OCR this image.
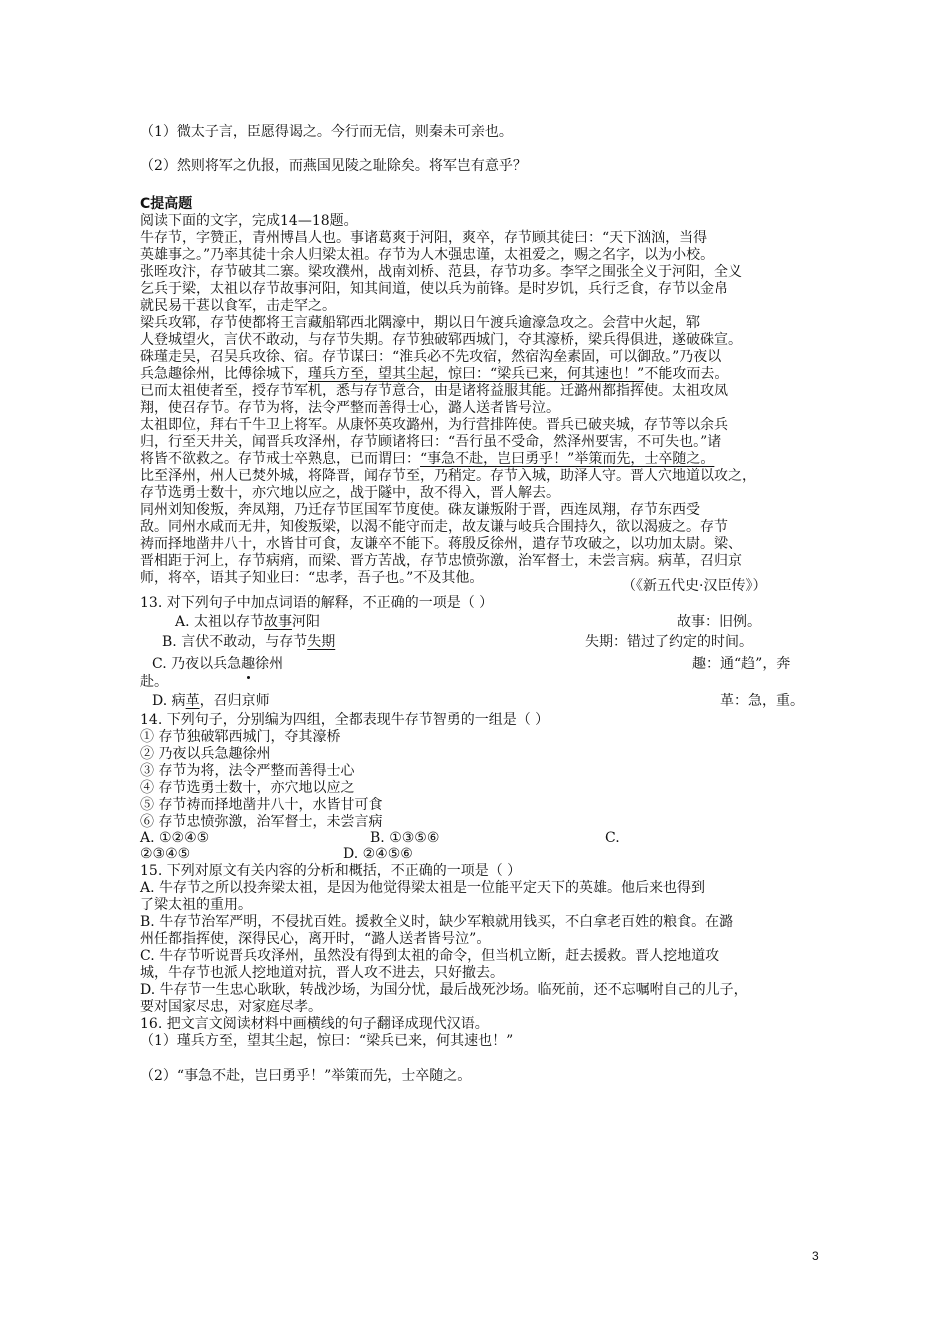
（1）微太子言，臣愿得谒之。今行而无信，则秦未可亲也。
（2）然则将军之仇报，而燕国见陵之耻除矣。将军岂有意乎？
C提高题
阅读下面的文字，完成14—18题。
牛存节，字赞正，青州博昌人也。事诸葛爽于河阳，爽卒，存节顾其徒曰：“天下汹汹，当得
英雄事之。”乃率其徒十余人归梁太祖。存节为人木强忠谨，太祖爱之，赐之名字，以为小校。
张晊攻汴，存节破其二寨。梁攻濮州，战南刘桥、范县，存节功多。李罕之围张全义于河阳，全义
乞兵于梁，太祖以存节故事河阳，知其间道，使以兵为前锋。是时岁饥，兵行乏食，存节以金帛
就民易干葚以食军，击走罕之。
梁兵攻郓，存节使都将王言藏船郓西北隅濠中，期以日午渡兵逾濠急攻之。会营中火起，郓
人登城望火，言伏不敢动，与存节失期。存节独破郓西城门，夺其濠桥，梁兵得俱进，遂破硃宣。
硃瑾走吴，召吴兵攻徐、宿。存节谋曰：“淮兵必不先攻宿，然宿沟垒素固，可以御敌。”乃夜以
兵急趣徐州，比傅徐城下，瑾兵方至，望其尘起，惊曰：“梁兵已来，何其速也！”不能攻而去。
已而太祖使者至，授存节军机，悉与存节意合，由是诸将益服其能。迁潞州都指挥使。太祖攻凤
翔，使召存节。存节为将，法令严整而善得士心，潞人送者皆号泣。
太祖即位，拜右千牛卫上将军。从康怀英攻潞州，为行营排阵使。晋兵已破夹城，存节等以余兵
归，行至天井关，闻晋兵攻泽州，存节顾诸将曰：“吾行虽不受命，然泽州要害，不可失也。”诸
将皆不欲救之。存节戒士卒熟息，已而谓曰：“事急不赴，岂曰勇乎！”举策而先，士卒随之。
比至泽州，州人已焚外城，将降晋，闻存节至，乃稍定。存节入城，助泽人守。晋人穴地道以攻之，
存节选勇士数十，亦穴地以应之，战于隧中，敌不得入，晋人解去。
同州刘知俊叛，奔凤翔，乃迁存节匡国军节度使。硃友谦叛附于晋，西连凤翔，存节东西受
敌。同州水咸而无井，知俊叛梁，以渴不能守而走，故友谦与岐兵合围持久，欲以渴疲之。存节
祷而择地凿井八十，水皆甘可食，友谦卒不能下。蒋殷反徐州，遣存节攻破之，以功加太尉。梁、
晋相距于河上，存节病痟，而梁、晋方苦战，存节忠愤弥激，治军督士，未尝言病。病革，召归京
师，将卒，语其子知业曰：“忠孝，吾子也。”不及其他。	（《新五代史·汉臣传》）
13. 对下列句子中加点词语的解释，不正确的一项是（ ）
A. 太祖以存节故事河阳	故事：旧例。
B. 言伏不敢动，与存节失期	失期：错过了约定的时间。
C. 乃夜以兵急趣徐州	趣：通“趋”，奔
赴。
D. 病革，召归京师	革：急，重。
14. 下列句子，分别编为四组，全都表现牛存节智勇的一组是（ ）
① 存节独破郓西城门，夺其濠桥
② 乃夜以兵急趣徐州
③ 存节为将，法令严整而善得士心
④ 存节选勇士数十，亦穴地以应之
⑤ 存节祷而择地凿井八十，水皆甘可食
⑥ 存节忠愤弥激，治军督士，未尝言病
A. ①②④⑤	B. ①③⑤⑥	C.
②③④⑤	D. ②④⑤⑥
15. 下列对原文有关内容的分析和概括，不正确的一项是（ ）
A. 牛存节之所以投奔梁太祖，是因为他觉得梁太祖是一位能平定天下的英雄。他后来也得到
了梁太祖的重用。
B. 牛存节治军严明，不侵扰百姓。援救全义时，缺少军粮就用钱买，不白拿老百姓的粮食。在潞
州任都指挥使，深得民心，离开时，“潞人送者皆号泣”。
C. 牛存节听说晋兵攻泽州，虽然没有得到太祖的命令，但当机立断，赶去援救。晋人挖地道攻
城，牛存节也派人挖地道对抗，晋人攻不进去，只好撤去。
D. 牛存节一生忠心耿耿，转战沙场，为国分忧，最后战死沙场。临死前，还不忘嘱咐自己的儿子，
要对国家尽忠，对家庭尽孝。
16. 把文言文阅读材料中画横线的句子翻译成现代汉语。
（1）瑾兵方至，望其尘起，惊曰：“梁兵已来，何其速也！”
（2）“事急不赴，岂曰勇乎！”举策而先，士卒随之。
3
